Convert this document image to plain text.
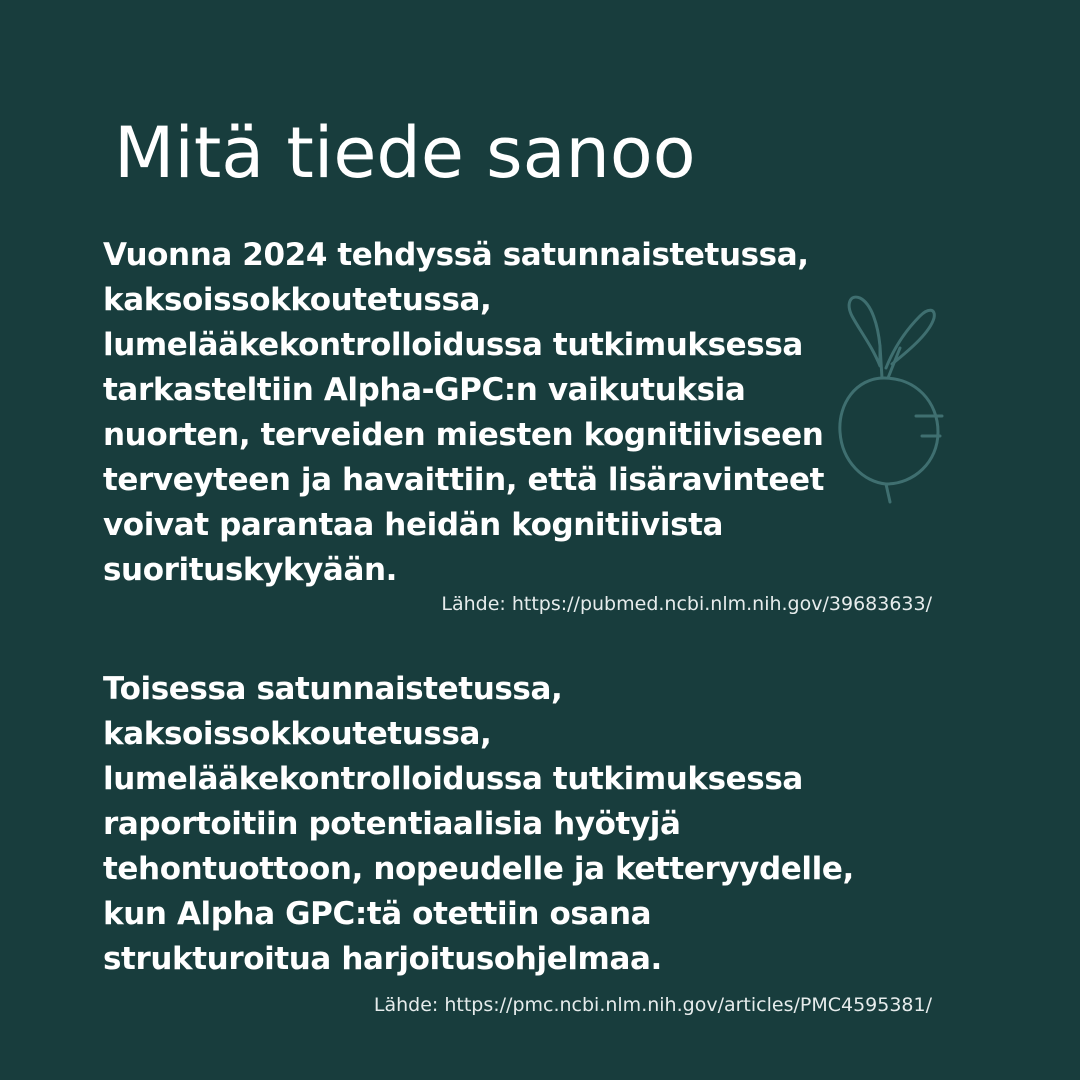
Mitä tiede sanoo

Vuonna 2024 tehdyssä satunnaistetussa,
kaksoissokkoutetussa,
lumelääkekontrolloidussa tutkimuksessa
tarkasteltiin Alpha-GPC:n vaikutuksia
nuorten, terveiden miesten kognitiiviseen
terveyteen ja havaittiin, että lisäravinteet
voivat parantaa heidän kognitiivista
suorituskykyään.

Lähde: https://pubmed.ncbi.nlm.nih.gov/39683633/

Toisessa satunnaistetussa,
kaksoissokkoutetussa,
lumelääkekontrolloidussa tutkimuksessa
raportoitiin potentiaalisia hyötyjä
tehontuottoon, nopeudelle ja ketteryydelle,
kun Alpha GPC:tä otettiin osana
strukturoitua harjoitusohjelmaa.

Lähde: https://pmc.ncbi.nlm.nih.gov/articles/PMC4595381/
